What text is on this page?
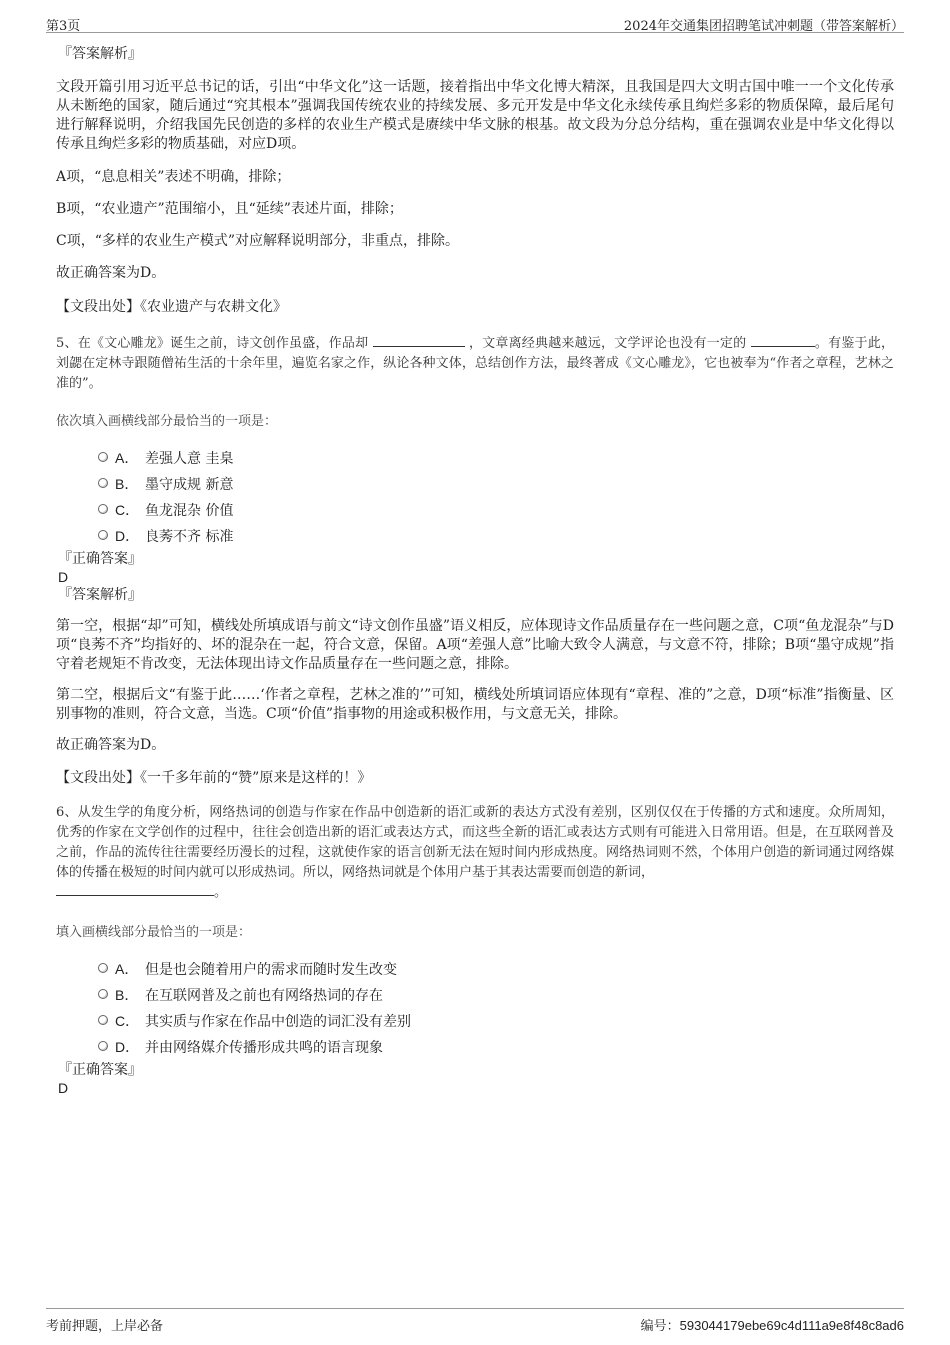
第3页	2024年交通集团招聘笔试冲刺题（带答案解析）

『答案解析』

文段开篇引用习近平总书记的话，引出“中华文化”这一话题，接着指出中华文化博大精深，且我国是四大文明古国中唯一一个文化传承从未断绝的国家，随后通过“究其根本”强调我国传统农业的持续发展、多元开发是中华文化永续传承且绚烂多彩的物质保障，最后尾句进行解释说明，介绍我国先民创造的多样的农业生产模式是赓续中华文脉的根基。故文段为分总分结构，重在强调农业是中华文化得以传承且绚烂多彩的物质基础，对应D项。

A项，“息息相关”表述不明确，排除；

B项，“农业遗产”范围缩小，且“延续”表述片面，排除；

C项，“多样的农业生产模式”对应解释说明部分，非重点，排除。

故正确答案为D。

【文段出处】《农业遗产与农耕文化》

5、在《文心雕龙》诞生之前，诗文创作虽盛，作品却	，文章离经典越来越远，文学评论也没有一定的	。有鉴于此，刘勰在定林寺跟随僧祐生活的十余年里，遍览名家之作，纵论各种文体，总结创作方法，最终著成《文心雕龙》，它也被奉为“作者之章程，艺林之准的”。

依次填入画横线部分最恰当的一项是：

A． 差强人意 圭臬
B． 墨守成规 新意
C． 鱼龙混杂 价值
D． 良莠不齐 标准

『正确答案』

D

『答案解析』

第一空，根据“却”可知，横线处所填成语与前文“诗文创作虽盛”语义相反，应体现诗文作品质量存在一些问题之意，C项“鱼龙混杂”与D项“良莠不齐”均指好的、坏的混杂在一起，符合文意，保留。A项“差强人意”比喻大致令人满意，与文意不符，排除；B项“墨守成规”指守着老规矩不肯改变，无法体现出诗文作品质量存在一些问题之意，排除。

第二空，根据后文“有鉴于此……‘作者之章程，艺林之准的’”可知，横线处所填词语应体现有“章程、准的”之意，D项“标准”指衡量、区别事物的准则，符合文意，当选。C项“价值”指事物的用途或积极作用，与文意无关，排除。

故正确答案为D。

【文段出处】《一千多年前的“赞”原来是这样的！》

6、从发生学的角度分析，网络热词的创造与作家在作品中创造新的语汇或新的表达方式没有差别，区别仅仅在于传播的方式和速度。众所周知，优秀的作家在文学创作的过程中，往往会创造出新的语汇或表达方式，而这些全新的语汇或表达方式则有可能进入日常用语。但是，在互联网普及之前，作品的流传往往需要经历漫长的过程，这就使作家的语言创新无法在短时间内形成热度。网络热词则不然，个体用户创造的新词通过网络媒体的传播在极短的时间内就可以形成热词。所以，网络热词就是个体用户基于其表达需要而创造的新词，
。

填入画横线部分最恰当的一项是：

A． 但是也会随着用户的需求而随时发生改变
B． 在互联网普及之前也有网络热词的存在
C． 其实质与作家在作品中创造的词汇没有差别
D． 并由网络媒介传播形成共鸣的语言现象

『正确答案』

D

考前押题，上岸必备	编号：593044179ebe69c4d111a9e8f48c8ad6
